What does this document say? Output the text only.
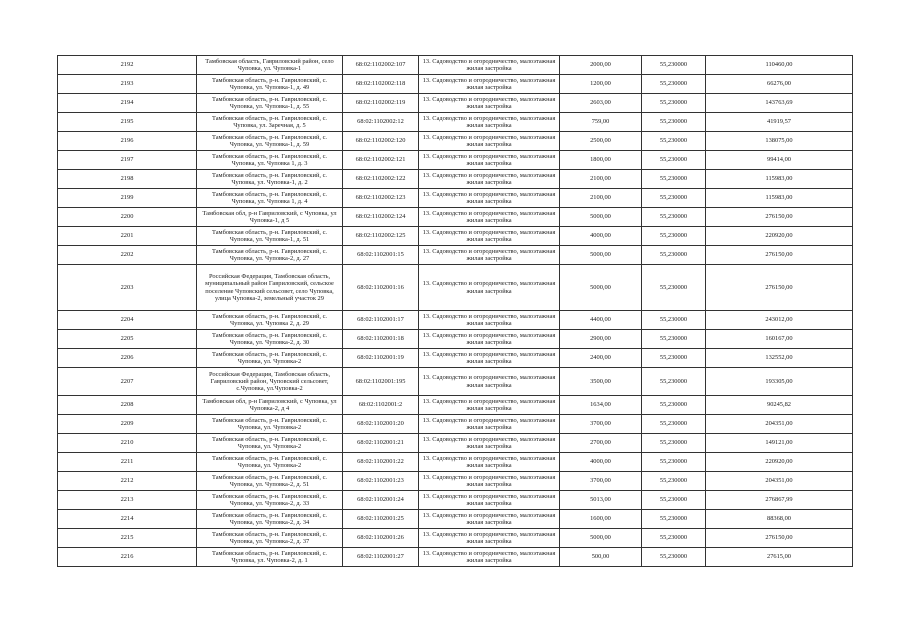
2192	Тамбовская область, Гавриловский район, село Чуповка, ул. Чуповка-1	68:02:1102002:107	13. Садоводство и огородничество, малоэтажная жилая застройка	2000,00	55,230000	110460,00
2193	Тамбовская область, р-н. Гавриловский, с. Чуповка, ул. Чуповка-1, д. 49	68:02:1102002:118	13. Садоводство и огородничество, малоэтажная жилая застройка	1200,00	55,230000	66276,00
2194	Тамбовская область, р-н. Гавриловский, с. Чуповка, ул. Чуповка-1, д. 55	68:02:1102002:119	13. Садоводство и огородничество, малоэтажная жилая застройка	2603,00	55,230000	143763,69
2195	Тамбовская область, р-н. Гавриловский, с. Чуповка, ул. Заречная, д. 5	68:02:1102002:12	13. Садоводство и огородничество, малоэтажная жилая застройка	759,00	55,230000	41919,57
2196	Тамбовская область, р-н. Гавриловский, с. Чуповка, ул. Чуповка-1, д. 59	68:02:1102002:120	13. Садоводство и огородничество, малоэтажная жилая застройка	2500,00	55,230000	138075,00
2197	Тамбовская область, р-н. Гавриловский, с. Чуповка, ул. Чуповка 1, д. 3	68:02:1102002:121	13. Садоводство и огородничество, малоэтажная жилая застройка	1800,00	55,230000	99414,00
2198	Тамбовская область, р-н. Гавриловский, с. Чуповка, ул. Чуповка-1, д. 2	68:02:1102002:122	13. Садоводство и огородничество, малоэтажная жилая застройка	2100,00	55,230000	115983,00
2199	Тамбовская область, р-н. Гавриловский, с. Чуповка, ул. Чуповка 1, д. 4	68:02:1102002:123	13. Садоводство и огородничество, малоэтажная жилая застройка	2100,00	55,230000	115983,00
2200	Тамбовская обл, р-н Гавриловский, с Чуповка, ул Чуповка-1, д 5	68:02:1102002:124	13. Садоводство и огородничество, малоэтажная жилая застройка	5000,00	55,230000	276150,00
2201	Тамбовская область, р-н. Гавриловский, с. Чуповка, ул. Чуповка-1, д. 51	68:02:1102002:125	13. Садоводство и огородничество, малоэтажная жилая застройка	4000,00	55,230000	220920,00
2202	Тамбовская область, р-н. Гавриловский, с. Чуповка, ул. Чуповка-2, д. 27	68:02:1102001:15	13. Садоводство и огородничество, малоэтажная жилая застройка	5000,00	55,230000	276150,00
2203	Российская Федерация, Тамбовская область, муниципальный район Гавриловский, сельское поселение Чуповский сельсовет, село Чуповка, улица Чуповка-2, земельный участок 29	68:02:1102001:16	13. Садоводство и огородничество, малоэтажная жилая застройка	5000,00	55,230000	276150,00
2204	Тамбовская область, р-н. Гавриловский, с. Чуповка, ул. Чуповка 2, д. 29	68:02:1102001:17	13. Садоводство и огородничество, малоэтажная жилая застройка	4400,00	55,230000	243012,00
2205	Тамбовская область, р-н. Гавриловский, с. Чуповка, ул. Чуповка-2, д. 30	68:02:1102001:18	13. Садоводство и огородничество, малоэтажная жилая застройка	2900,00	55,230000	160167,00
2206	Тамбовская область, р-н. Гавриловский, с. Чуповка, ул. Чуповка-2	68:02:1102001:19	13. Садоводство и огородничество, малоэтажная жилая застройка	2400,00	55,230000	132552,00
2207	Российская Федерация, Тамбовская область, Гавриловский район, Чуповский сельсовет, с.Чуповка, ул.Чуповка-2	68:02:1102001:195	13. Садоводство и огородничество, малоэтажная жилая застройка	3500,00	55,230000	193305,00
2208	Тамбовская обл, р-н Гавриловский, с Чуповка, ул Чуповка-2, д 4	68:02:1102001:2	13. Садоводство и огородничество, малоэтажная жилая застройка	1634,00	55,230000	90245,82
2209	Тамбовская область, р-н. Гавриловский, с. Чуповка, ул. Чуповка-2	68:02:1102001:20	13. Садоводство и огородничество, малоэтажная жилая застройка	3700,00	55,230000	204351,00
2210	Тамбовская область, р-н. Гавриловский, с. Чуповка, ул. Чуповка-2	68:02:1102001:21	13. Садоводство и огородничество, малоэтажная жилая застройка	2700,00	55,230000	149121,00
2211	Тамбовская область, р-н. Гавриловский, с. Чуповка, ул. Чуповка-2	68:02:1102001:22	13. Садоводство и огородничество, малоэтажная жилая застройка	4000,00	55,230000	220920,00
2212	Тамбовская область, р-н. Гавриловский, с. Чуповка, ул. Чуповка-2, д. 51	68:02:1102001:23	13. Садоводство и огородничество, малоэтажная жилая застройка	3700,00	55,230000	204351,00
2213	Тамбовская область, р-н. Гавриловский, с. Чуповка, ул. Чуповка-2, д. 33	68:02:1102001:24	13. Садоводство и огородничество, малоэтажная жилая застройка	5013,00	55,230000	276867,99
2214	Тамбовская область, р-н. Гавриловский, с. Чуповка, ул. Чуповка-2, д. 34	68:02:1102001:25	13. Садоводство и огородничество, малоэтажная жилая застройка	1600,00	55,230000	88368,00
2215	Тамбовская область, р-н. Гавриловский, с. Чуповка, ул. Чуповка-2, д. 37	68:02:1102001:26	13. Садоводство и огородничество, малоэтажная жилая застройка	5000,00	55,230000	276150,00
2216	Тамбовская область, р-н. Гавриловский, с. Чуповка, ул. Чуповка-2, д. 1	68:02:1102001:27	13. Садоводство и огородничество, малоэтажная жилая застройка	500,00	55,230000	27615,00
